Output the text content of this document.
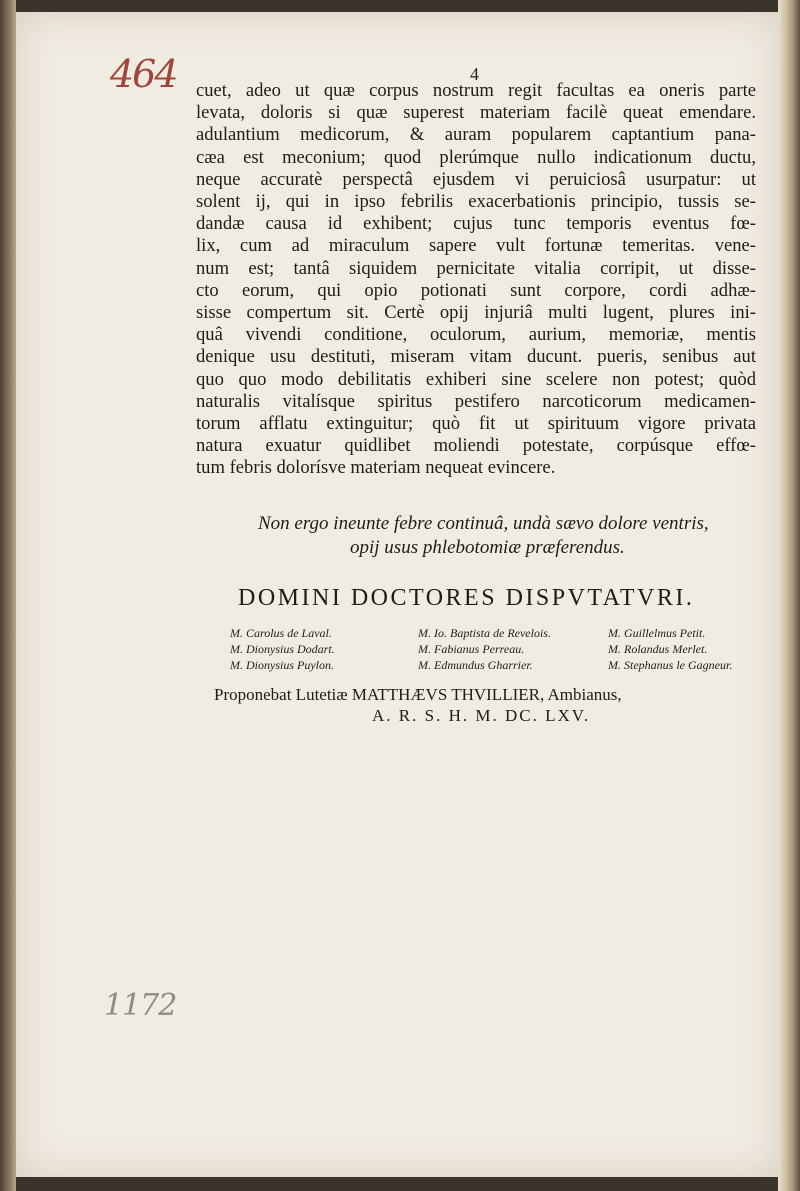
464	4
cuet, adeo ut quæ corpus nostrum regit facultas ea oneris parte
levata, doloris si quæ superest materiam facilè queat emendare.
adulantium medicorum, & auram popularem captantium pana-
cæa est meconium; quod plerúmque nullo indicationum ductu,
neque accuratè perspectâ ejusdem vi peruiciosâ usurpatur: ut
solent ij, qui in ipso febrilis exacerbationis principio, tussis se-
dandæ causa id exhibent; cujus tunc temporis eventus fœ-
lix, cum ad miraculum sapere vult fortunæ temeritas. vene-
num est; tantâ siquidem pernicitate vitalia corripit, ut disse-
cto eorum, qui opio potionati sunt corpore, cordi adhæ-
sisse compertum sit. Certè opij injuriâ multi lugent, plures ini-
quâ vivendi conditione, oculorum, aurium, memoriæ, mentis
denique usu destituti, miseram vitam ducunt. pueris, senibus aut
quo quo modo debilitatis exhiberi sine scelere non potest; quòd
naturalis vitalísque spiritus pestifero narcoticorum medicamen-
torum afflatu extinguitur; quò fit ut spirituum vigore privata
natura exuatur quidlibet moliendi potestate, corpúsque effœ-
tum febris dolorísve materiam nequeat evincere.
Non ergo ineunte febre continuâ, undà sævo dolore ventris,
opij usus phlebotomiæ præferendus.
DOMINI DOCTORES DISPVTATVRI.
M. Carolus de Laval.	M. Io. Baptista de Revelois.	M. Guillelmus Petit.
M. Dionysius Dodart.	M. Fabianus Perreau.	M. Rolandus Merlet.
M. Dionysius Puylon.	M. Edmundus Gharrier.	M. Stephanus le Gagneur.
Proponebat Lutetiæ MATTHÆVS THVILLIER, Ambianus,
A. R. S. H. M. DC. LXV.
1172
